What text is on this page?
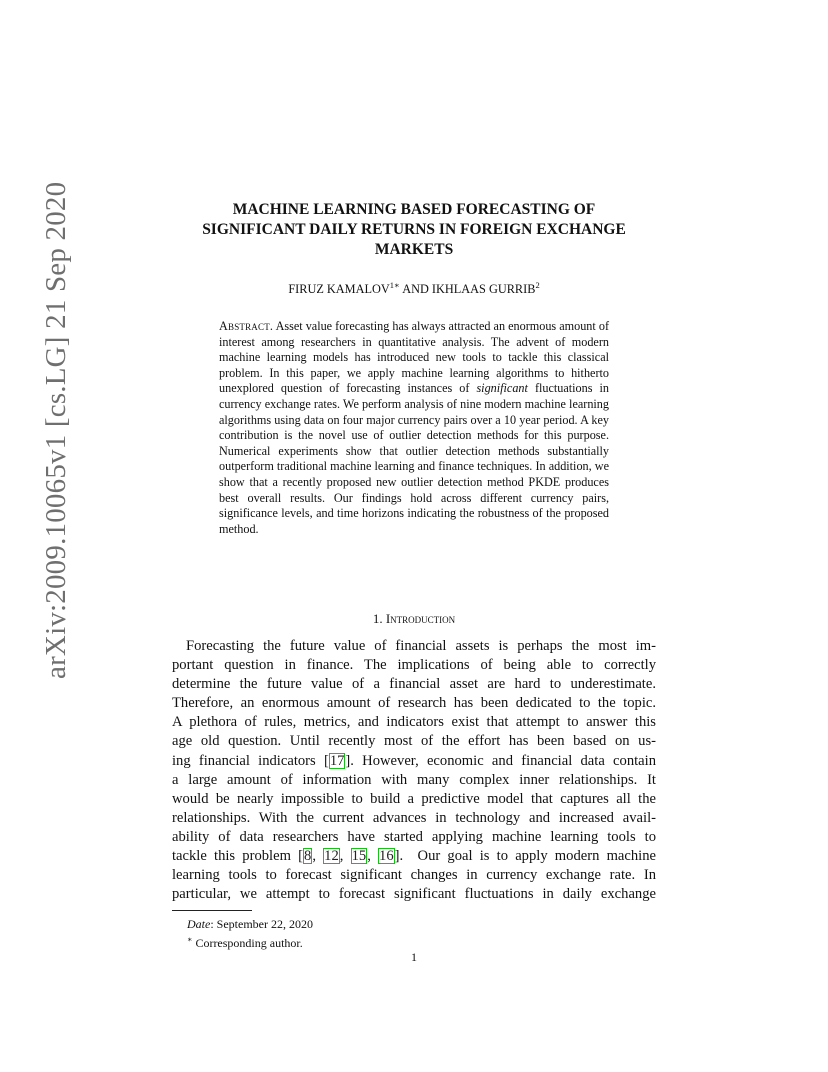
arXiv:2009.10065v1 [cs.LG] 21 Sep 2020	MACHINE LEARNING BASED FORECASTING OF
SIGNIFICANT DAILY RETURNS IN FOREIGN EXCHANGE
MARKETS
FIRUZ $KAMALOV^{1∗}$ AND IKHLAAS GURRIB$^2$
Abstract. Asset value forecasting has always attracted an enormous amount of interest among researchers in quantitative analysis. The advent of modern machine learning models has introduced new tools to tackle this classical problem. In this paper, we apply machine learning algorithms to hitherto unexplored question of forecasting instances of significant fluctuations in currency exchange rates. We perform analysis of nine modern machine learning algorithms using data on four major currency pairs over a 10 year period. A key contribution is the novel use of outlier detection methods for this purpose. Numerical experiments show that outlier detection methods substantially outperform traditional machine learning and finance techniques. In addition, we show that a recently proposed new outlier detection method PKDE produces best overall results. Our findings hold across different currency pairs, significance levels, and time horizons indicating the robustness of the proposed method.
1. Introduction
Forecasting the future value of financial assets is perhaps the most im-
portant question in finance. The implications of being able to correctly
determine the future value of a financial asset are hard to underestimate.
Therefore, an enormous amount of research has been dedicated to the topic.
A plethora of rules, metrics, and indicators exist that attempt to answer this
age old question. Until recently most of the effort has been based on us-
ing financial indicators [17]. However, economic and financial data contain
a large amount of information with many complex inner relationships. It
would be nearly impossible to build a predictive model that captures all the
relationships. With the current advances in technology and increased avail-
ability of data researchers have started applying machine learning tools to
tackle this problem [8, 12, 15, 16].  Our goal is to apply modern machine
learning tools to forecast significant changes in currency exchange rate. In
particular, we attempt to forecast significant fluctuations in daily exchange
Date: September 22, 2020
∗ Corresponding author.
1
